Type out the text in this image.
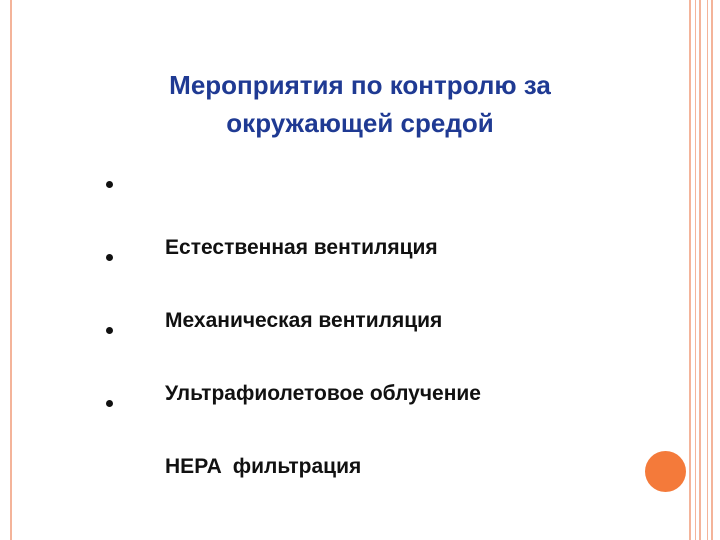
Мероприятия по контролю за
окружающей средой

Естественная вентиляция

Механическая вентиляция

Ультрафиолетовое облучение

HEPA  фильтрация
